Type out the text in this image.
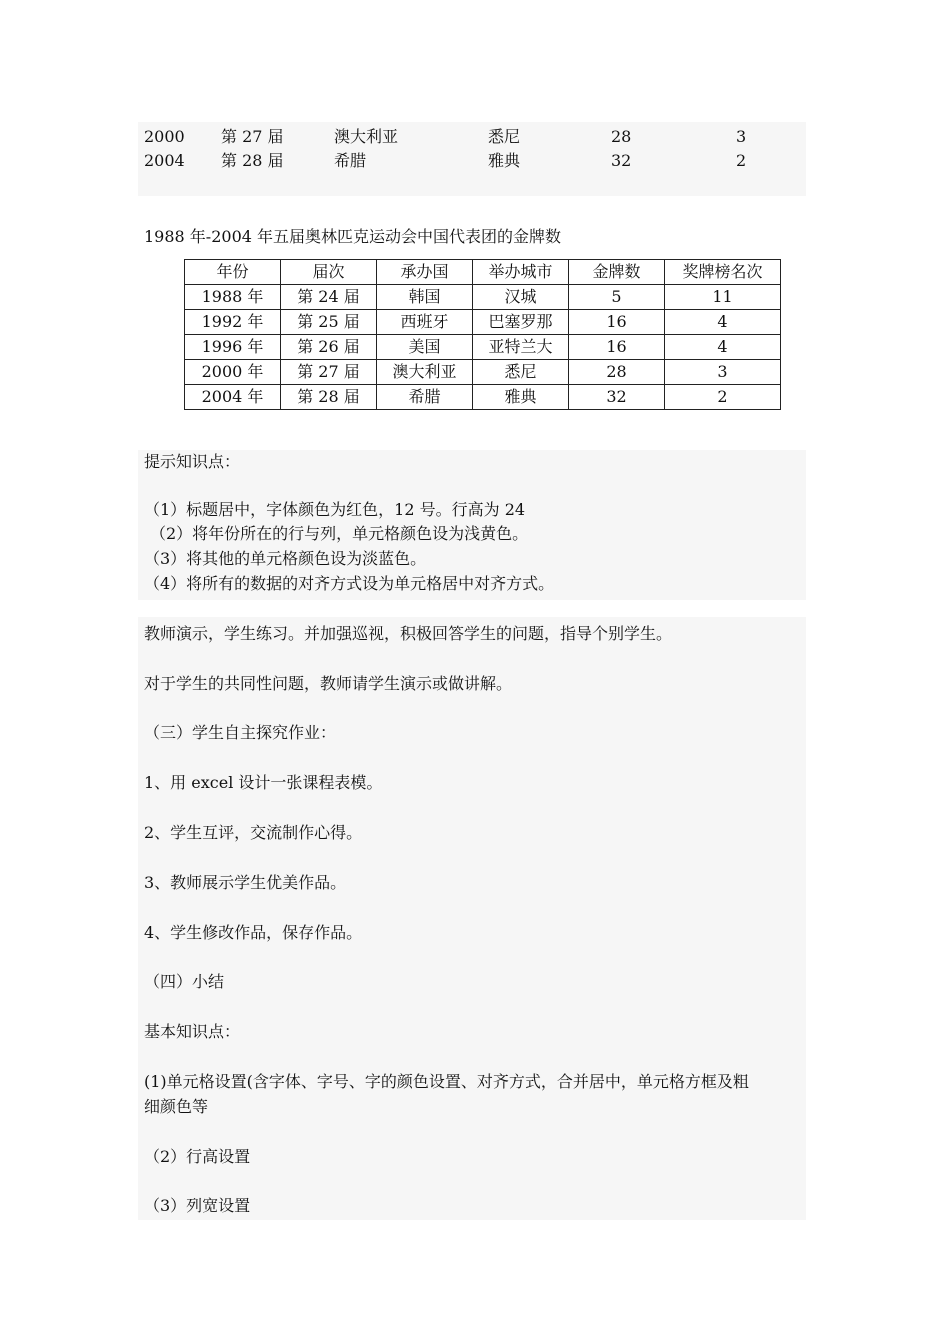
2000 第 27 届	澳大利亚	悉尼	28	3
2004 第 28 届	希腊	雅典	32	2
1988 年-2004 年五届奥林匹克运动会中国代表团的金牌数
年份	届次	承办国	举办城市	金牌数	奖牌榜名次
1988 年	第 24 届	韩国	汉城	5	11
1992 年	第 25 届	西班牙	巴塞罗那	16	4
1996 年	第 26 届	美国	亚特兰大	16	4
2000 年	第 27 届	澳大利亚	悉尼	28	3
2004 年	第 28 届	希腊	雅典	32	2
提示知识点：
（1）标题居中，字体颜色为红色，12 号。行高为 24
（2）将年份所在的行与列，单元格颜色设为浅黄色。
（3）将其他的单元格颜色设为淡蓝色。
（4）将所有的数据的对齐方式设为单元格居中对齐方式。
教师演示，学生练习。并加强巡视，积极回答学生的问题，指导个别学生。
对于学生的共同性问题，教师请学生演示或做讲解。
（三）学生自主探究作业：
1、用 excel 设计一张课程表模。
2、学生互评，交流制作心得。
3、教师展示学生优美作品。
4、学生修改作品，保存作品。
（四）小结
基本知识点：
(1)单元格设置(含字体、字号、字的颜色设置、对齐方式，合并居中，单元格方框及粗
细颜色等
（2）行高设置
（3）列宽设置
